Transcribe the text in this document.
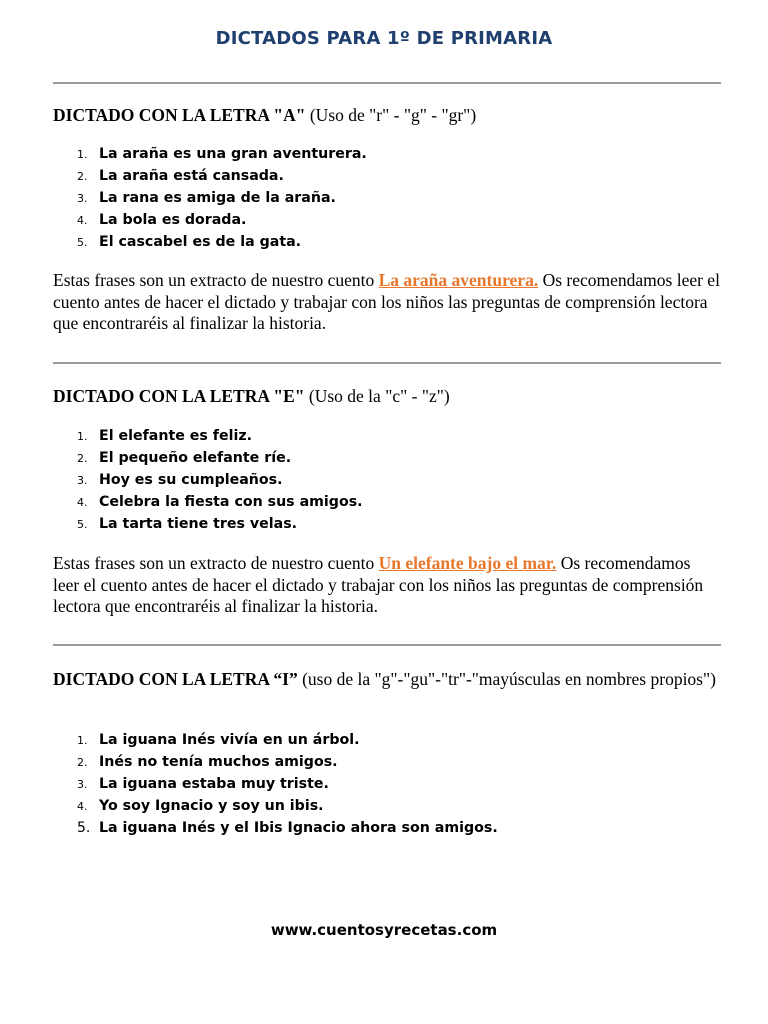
DICTADOS PARA 1º DE PRIMARIA
DICTADO CON LA LETRA "A" (Uso de "r" - "g" - "gr")
1. La araña es una gran aventurera.
2. La araña está cansada.
3. La rana es amiga de la araña.
4. La bola es dorada.
5. El cascabel es de la gata.

Estas frases son un extracto de nuestro cuento La araña aventurera. Os recomendamos leer el cuento antes de hacer el dictado y trabajar con los niños las preguntas de comprensión lectora que encontraréis al finalizar la historia.

DICTADO CON LA LETRA "E" (Uso de la "c" - "z")
1. El elefante es feliz.
2. El pequeño elefante ríe.
3. Hoy es su cumpleaños.
4. Celebra la fiesta con sus amigos.
5. La tarta tiene tres velas.

Estas frases son un extracto de nuestro cuento Un elefante bajo el mar. Os recomendamos leer el cuento antes de hacer el dictado y trabajar con los niños las preguntas de comprensión lectora que encontraréis al finalizar la historia.

DICTADO CON LA LETRA “I” (uso de la "g"-"gu"-"tr"-"mayúsculas en nombres propios")
1. La iguana Inés vivía en un árbol.
2. Inés no tenía muchos amigos.
3. La iguana estaba muy triste.
4. Yo soy Ignacio y soy un ibis.
5. La iguana Inés y el Ibis Ignacio ahora son amigos.

www.cuentosyrecetas.com
